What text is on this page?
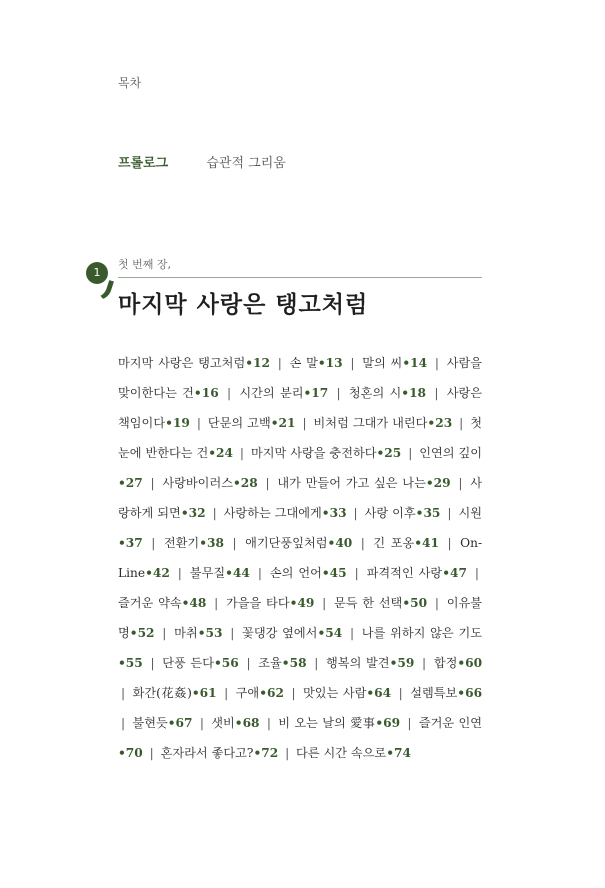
목차
프롤로그	습관적 그리움
1
첫 번째 장,
마지막 사랑은 탱고처럼
마지막 사랑은 탱고처럼•12 | 손 말•13 | 말의 씨•14 | 사람을 맞이한다는 건•16 | 시간의 분리•17 | 청혼의 시•18 | 사랑은 책임이다•19 | 단문의 고백•21 | 비처럼 그대가 내린다•23 | 첫눈에 반한다는 건•24 | 마지막 사랑을 충전하다•25 | 인연의 깊이•27 | 사랑바이러스•28 | 내가 만들어 가고 싶은 나는•29 | 사랑하게 되면•32 | 사랑하는 그대에게•33 | 사랑 이후•35 | 시원•37 | 전환기•38 | 애기단풍잎처럼•40 | 긴 포옹•41 | On-Line•42 | 불무질•44 | 손의 언어•45 | 파격적인 사랑•47 | 즐거운 약속•48 | 가을을 타다•49 | 문득 한 선택•50 | 이유불명•52 | 마취•53 | 꽃댕강 옆에서•54 | 나를 위하지 않은 기도•55 | 단풍 든다•56 | 조율•58 | 행복의 발견•59 | 합정•60 | 화간(花姦)•61 | 구애•62 | 맛있는 사람•64 | 설렘특보•66 | 불현듯•67 | 샛비•68 | 비 오는 날의 愛事•69 | 즐거운 인연•70 | 혼자라서 좋다고?•72 | 다른 시간 속으로•74
